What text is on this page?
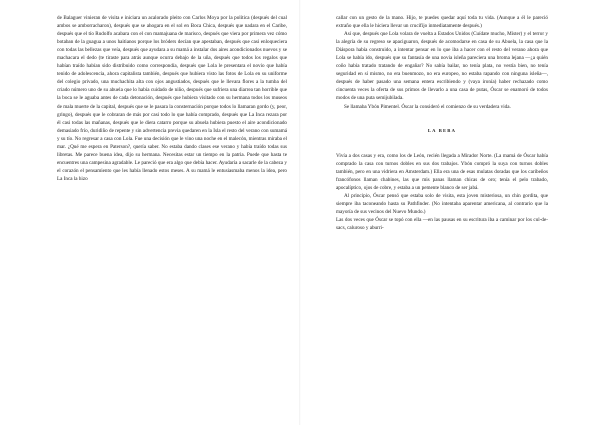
de Balaguer vinieran de visita e iniciara un acalorado pleito con Carlos Moya por la política (después del cual ambos se amborracharon), después que se ahogara en el sol en Boca Chica, después que nadara en el Caribe, después que el tío Rudolfo acabara con el con mamajuana de marisco, después que viera por primera vez cómo botaban de la guagua a unos haitianos porque los bróders decían que apestaban, después que casi enloqueciera con todas las bellezas que veía, después que ayudara a su mamá a instalar dos aires acondicionados nuevos y se machacara el dedo (te tiraste para atrás aunque ocurra debajo de la uña, después que todos los regalos que habían traído habían sido distribuido como correspondía, después que Lola le presentara el novio que había tenido de adolescencia, ahora capitalista también, después que hubiera visto las fotos de Lola en su uniforme del colegio privado, una muchachita alta con ojos angustiados, después que le llevara flores a la tumba del criado número uno de su abuela que lo había cuidado de niño, después que sufriera una diarrea tan horrible que la boca se le aguaba antes de cada detonación, después que hubiera visitado con su hermana todos los museos de mala muerte de la capital, después que se le pasara la consternación porque todos lo llamaran gordo (y, peor, gringo), después que le cobraran de más por casi todo lo que había comprado, después que La Inca rezara por él casi todas las mañanas, después que le diera catarro porque su abuela hubiera puesto el aire acondicionado demasiado frío, duridiño de repente y sin advertencia previa quedaren en la Isla el resto del verano con sumamá y su tío. No regresar a casa con Lola. Fue una decisión que le vino una noche en el malecón, mientras miraba el mar. ¿Qué me espera en Paterson?, quería saber. No estaba dando clases ese verano y había traído todas sus libretas. Me parece buena idea, dijo su hermana. Necesitas estar un tiempo en la patria. Puede que hasta te encuentres una campesina agradable. Le pareció que era algo que debía hacer. Ayudaría a sacarle de la cabeza y el corazón el pensamiento que les había llenado estos meses. A su mamá le entusiasmaba menos la idea, pero La Inca la hizo

callar con un gesto de la mano. Hijo, te puedes quedar aquí toda tu vida. (Aunque a él le pareció extraño que ella le hiciera llevar un crucifijo inmediatamente después.)

Así que, después que Lola volara de vuelta a Estados Unidos (Cuídate mucho, Míster) y el terror y la alegría de su regreso se apaciguaron, después de acomodarse en casa de su Abuela, la casa que la Diáspora había construido, a intentar pensar en lo que iba a hacer con el resto del verano ahora que Lola se había ido, después que su fantasía de una novia isleña pareciera una broma lejana —¿a quién coño había tratado tratando de engañar? No sabía bailar, no tenía plata, no vestía bien, no tenía seguridad en sí mismo, no era buenmozo, no era europeo, no estaba rapando con ninguna isleña—, después de haber pasado una semana entera escribiendo y (vaya ironía) haber rechazado como cincuenta veces la oferta de sus primos de llevarlo a una casa de putas, Óscar se enamoró de todos modos de una puta semijubilada.

Se llamaba Ybón Pimentel. Óscar la consideró el comienzo de su verdadera vida.

LA BEBA

Vivía a dos casas y era, como los de León, recién llegada a Mirador Norte. (La mamá de Óscar había comprado la casa con turnos dobles en sus dos trabajos. Ybón compró la suya con turnos dobles también, pero en una vidriera en Amsterdam.) Ella era una de esas mulatas doradas que los caribeños francófonos llaman chabines, las que mis panas llaman chicas de oro; tenía el pelo trabado, apocalíptico, ojos de cobre, y estaba a un pemente blanco de ser jabá.

Al principio, Óscar pensó que estaba solo de visita, esta joven misteriosa, un chin gordita, que siempre iba taconeando hasta su Pathfinder. (No intentaba aparentar americana, al contrario que la mayoría de sus vecinos del Nuevo Mundo.)

Las dos veces que Óscar se topó con ella —en las pausas en su escritura iba a caminar por los cul-de-sacs, caluroso y aburri-
